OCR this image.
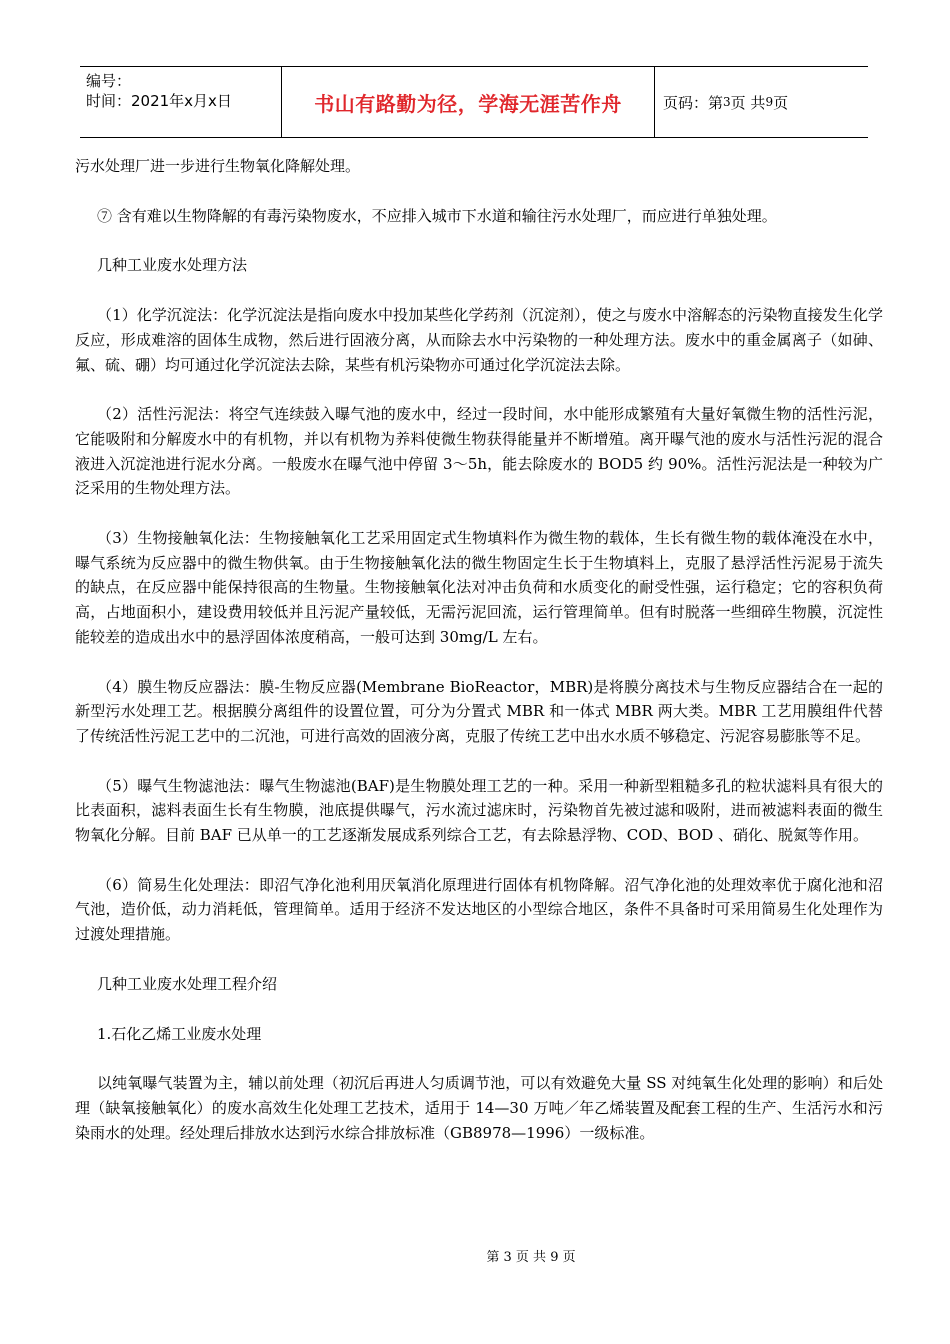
编号：
时间：2021年x月x日	书山有路勤为径，学海无涯苦作舟	页码：第 3 页 共 9 页

污水处理厂进一步进行生物氧化降解处理。

⑦ 含有难以生物降解的有毒污染物废水，不应排入城市下水道和输往污水处理厂，而应进行单独处理。

几种工业废水处理方法

（1）化学沉淀法：化学沉淀法是指向废水中投加某些化学药剂（沉淀剂），使之与废水中溶解态的污染物直接发生化学反应，形成难溶的固体生成物，然后进行固液分离，从而除去水中污染物的一种处理方法。废水中的重金属离子（如砷、氟、硫、硼）均可通过化学沉淀法去除，某些有机污染物亦可通过化学沉淀法去除。

（2）活性污泥法：将空气连续鼓入曝气池的废水中，经过一段时间，水中能形成繁殖有大量好氧微生物的活性污泥，它能吸附和分解废水中的有机物，并以有机物为养料使微生物获得能量并不断增殖。离开曝气池的废水与活性污泥的混合液进入沉淀池进行泥水分离。一般废水在曝气池中停留 3～5h，能去除废水的 BOD5 约 90%。活性污泥法是一种较为广泛采用的生物处理方法。

（3）生物接触氧化法：生物接触氧化工艺采用固定式生物填料作为微生物的载体，生长有微生物的载体淹没在水中，曝气系统为反应器中的微生物供氧。由于生物接触氧化法的微生物固定生长于生物填料上，克服了悬浮活性污泥易于流失的缺点，在反应器中能保持很高的生物量。生物接触氧化法对冲击负荷和水质变化的耐受性强，运行稳定；它的容积负荷高，占地面积小，建设费用较低并且污泥产量较低，无需污泥回流，运行管理简单。但有时脱落一些细碎生物膜，沉淀性能较差的造成出水中的悬浮固体浓度稍高，一般可达到 30mg/L 左右。

（4）膜生物反应器法：膜-生物反应器(Membrane BioReactor，MBR)是将膜分离技术与生物反应器结合在一起的新型污水处理工艺。根据膜分离组件的设置位置，可分为分置式 MBR 和一体式 MBR 两大类。MBR 工艺用膜组件代替了传统活性污泥工艺中的二沉池，可进行高效的固液分离，克服了传统工艺中出水水质不够稳定、污泥容易膨胀等不足。

（5）曝气生物滤池法：曝气生物滤池(BAF)是生物膜处理工艺的一种。采用一种新型粗糙多孔的粒状滤料具有很大的比表面积，滤料表面生长有生物膜，池底提供曝气，污水流过滤床时，污染物首先被过滤和吸附，进而被滤料表面的微生物氧化分解。目前 BAF 已从单一的工艺逐渐发展成系列综合工艺，有去除悬浮物、COD、BOD 、硝化、脱氮等作用。

（6）简易生化处理法：即沼气净化池利用厌氧消化原理进行固体有机物降解。沼气净化池的处理效率优于腐化池和沼气池，造价低，动力消耗低，管理简单。适用于经济不发达地区的小型综合地区，条件不具备时可采用简易生化处理作为过渡处理措施。

几种工业废水处理工程介绍

1.石化乙烯工业废水处理

以纯氧曝气装置为主，辅以前处理（初沉后再进人匀质调节池，可以有效避免大量 SS 对纯氧生化处理的影响）和后处理（缺氧接触氧化）的废水高效生化处理工艺技术，适用于 14—30 万吨／年乙烯装置及配套工程的生产、生活污水和污染雨水的处理。经处理后排放水达到污水综合排放标准（GB8978—1996）一级标准。

第 3 页 共 9 页
